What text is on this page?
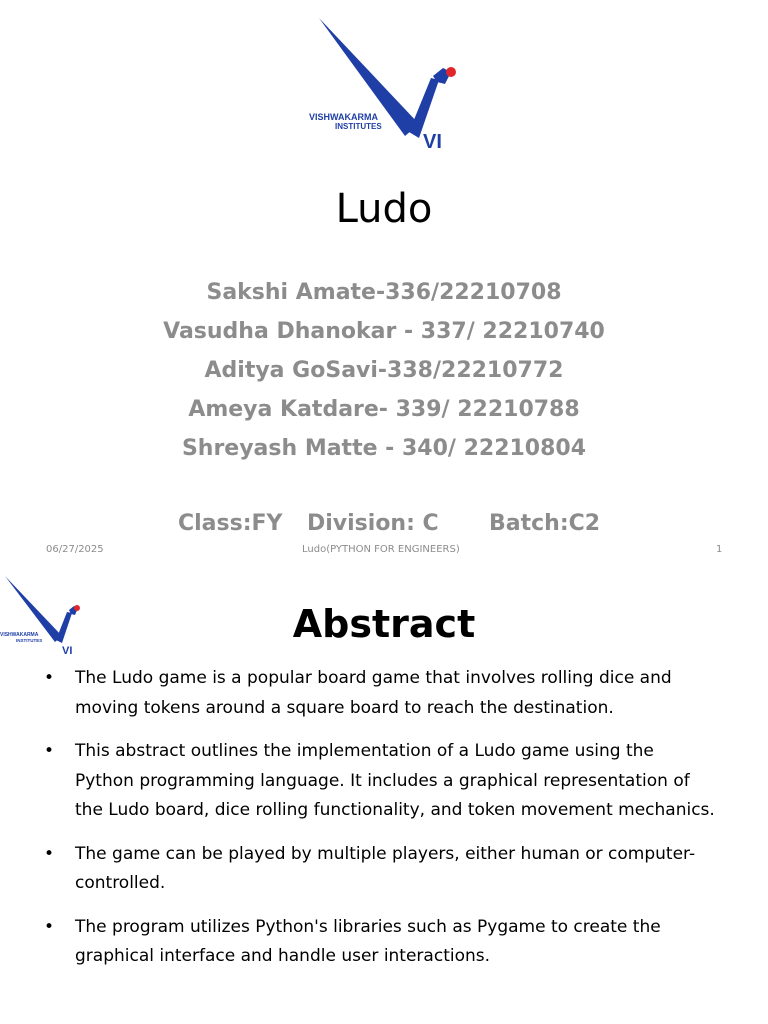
VISHWAKARMA
INSTITUTES
VI
Ludo
Sakshi Amate-336/22210708
Vasudha Dhanokar - 337/ 22210740
Aditya GoSavi-338/22210772
Ameya Katdare- 339/ 22210788
Shreyash Matte - 340/ 22210804
Class:FY Division: C Batch:C2
06/27/2025	Ludo(PYTHON FOR ENGINEERS)	1
VISHWAKARMA
INSTITUTES
VI
Abstract
• The Ludo game is a popular board game that involves rolling dice and moving tokens around a square board to reach the destination.
• This abstract outlines the implementation of a Ludo game using the Python programming language. It includes a graphical representation of the Ludo board, dice rolling functionality, and token movement mechanics.
• The game can be played by multiple players, either human or computer-controlled.
• The program utilizes Python's libraries such as Pygame to create the graphical interface and handle user interactions.
